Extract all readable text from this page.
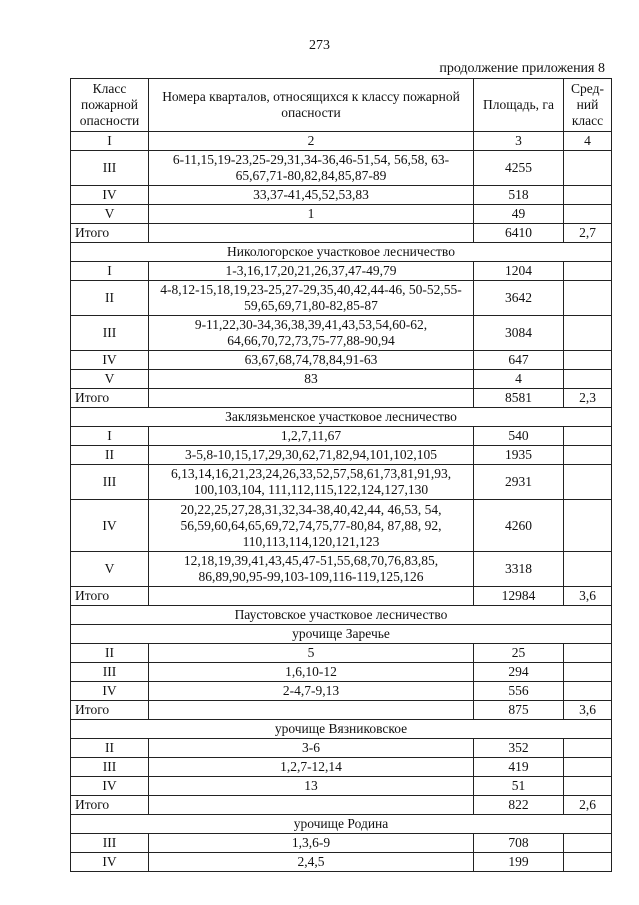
273
продолжение приложения 8
Класс пожарной опасности	Номера кварталов, относящихся к классу пожарной опасности	Площадь, га	Сред-ний класс
I	2	3	4
III	6-11,15,19-23,25-29,31,34-36,46-51,54, 56,58, 63-65,67,71-80,82,84,85,87-89	4255	
IV	33,37-41,45,52,53,83	518	
V	1	49	
Итого		6410	2,7
Никологорское участковое лесничество			
I	1-3,16,17,20,21,26,37,47-49,79	1204	
II	4-8,12-15,18,19,23-25,27-29,35,40,42,44-46, 50-52,55-59,65,69,71,80-82,85-87	3642	
III	9-11,22,30-34,36,38,39,41,43,53,54,60-62, 64,66,70,72,73,75-77,88-90,94	3084	
IV	63,67,68,74,78,84,91-63	647	
V	83	4	
Итого		8581	2,3
Заклязьменское участковое лесничество			
I	1,2,7,11,67	540	
II	3-5,8-10,15,17,29,30,62,71,82,94,101,102,105	1935	
III	6,13,14,16,21,23,24,26,33,52,57,58,61,73,81,91,93, 100,103,104, 111,112,115,122,124,127,130	2931	
IV	20,22,25,27,28,31,32,34-38,40,42,44, 46,53, 54, 56,59,60,64,65,69,72,74,75,77-80,84, 87,88, 92, 110,113,114,120,121,123	4260	
V	12,18,19,39,41,43,45,47-51,55,68,70,76,83,85, 86,89,90,95-99,103-109,116-119,125,126	3318	
Итого		12984	3,6
Паустовское участковое лесничество			
урочище Заречье			
II	5	25	
III	1,6,10-12	294	
IV	2-4,7-9,13	556	
Итого		875	3,6
урочище Вязниковское			
II	3-6	352	
III	1,2,7-12,14	419	
IV	13	51	
Итого		822	2,6
урочище Родина			
III	1,3,6-9	708	
IV	2,4,5	199	
